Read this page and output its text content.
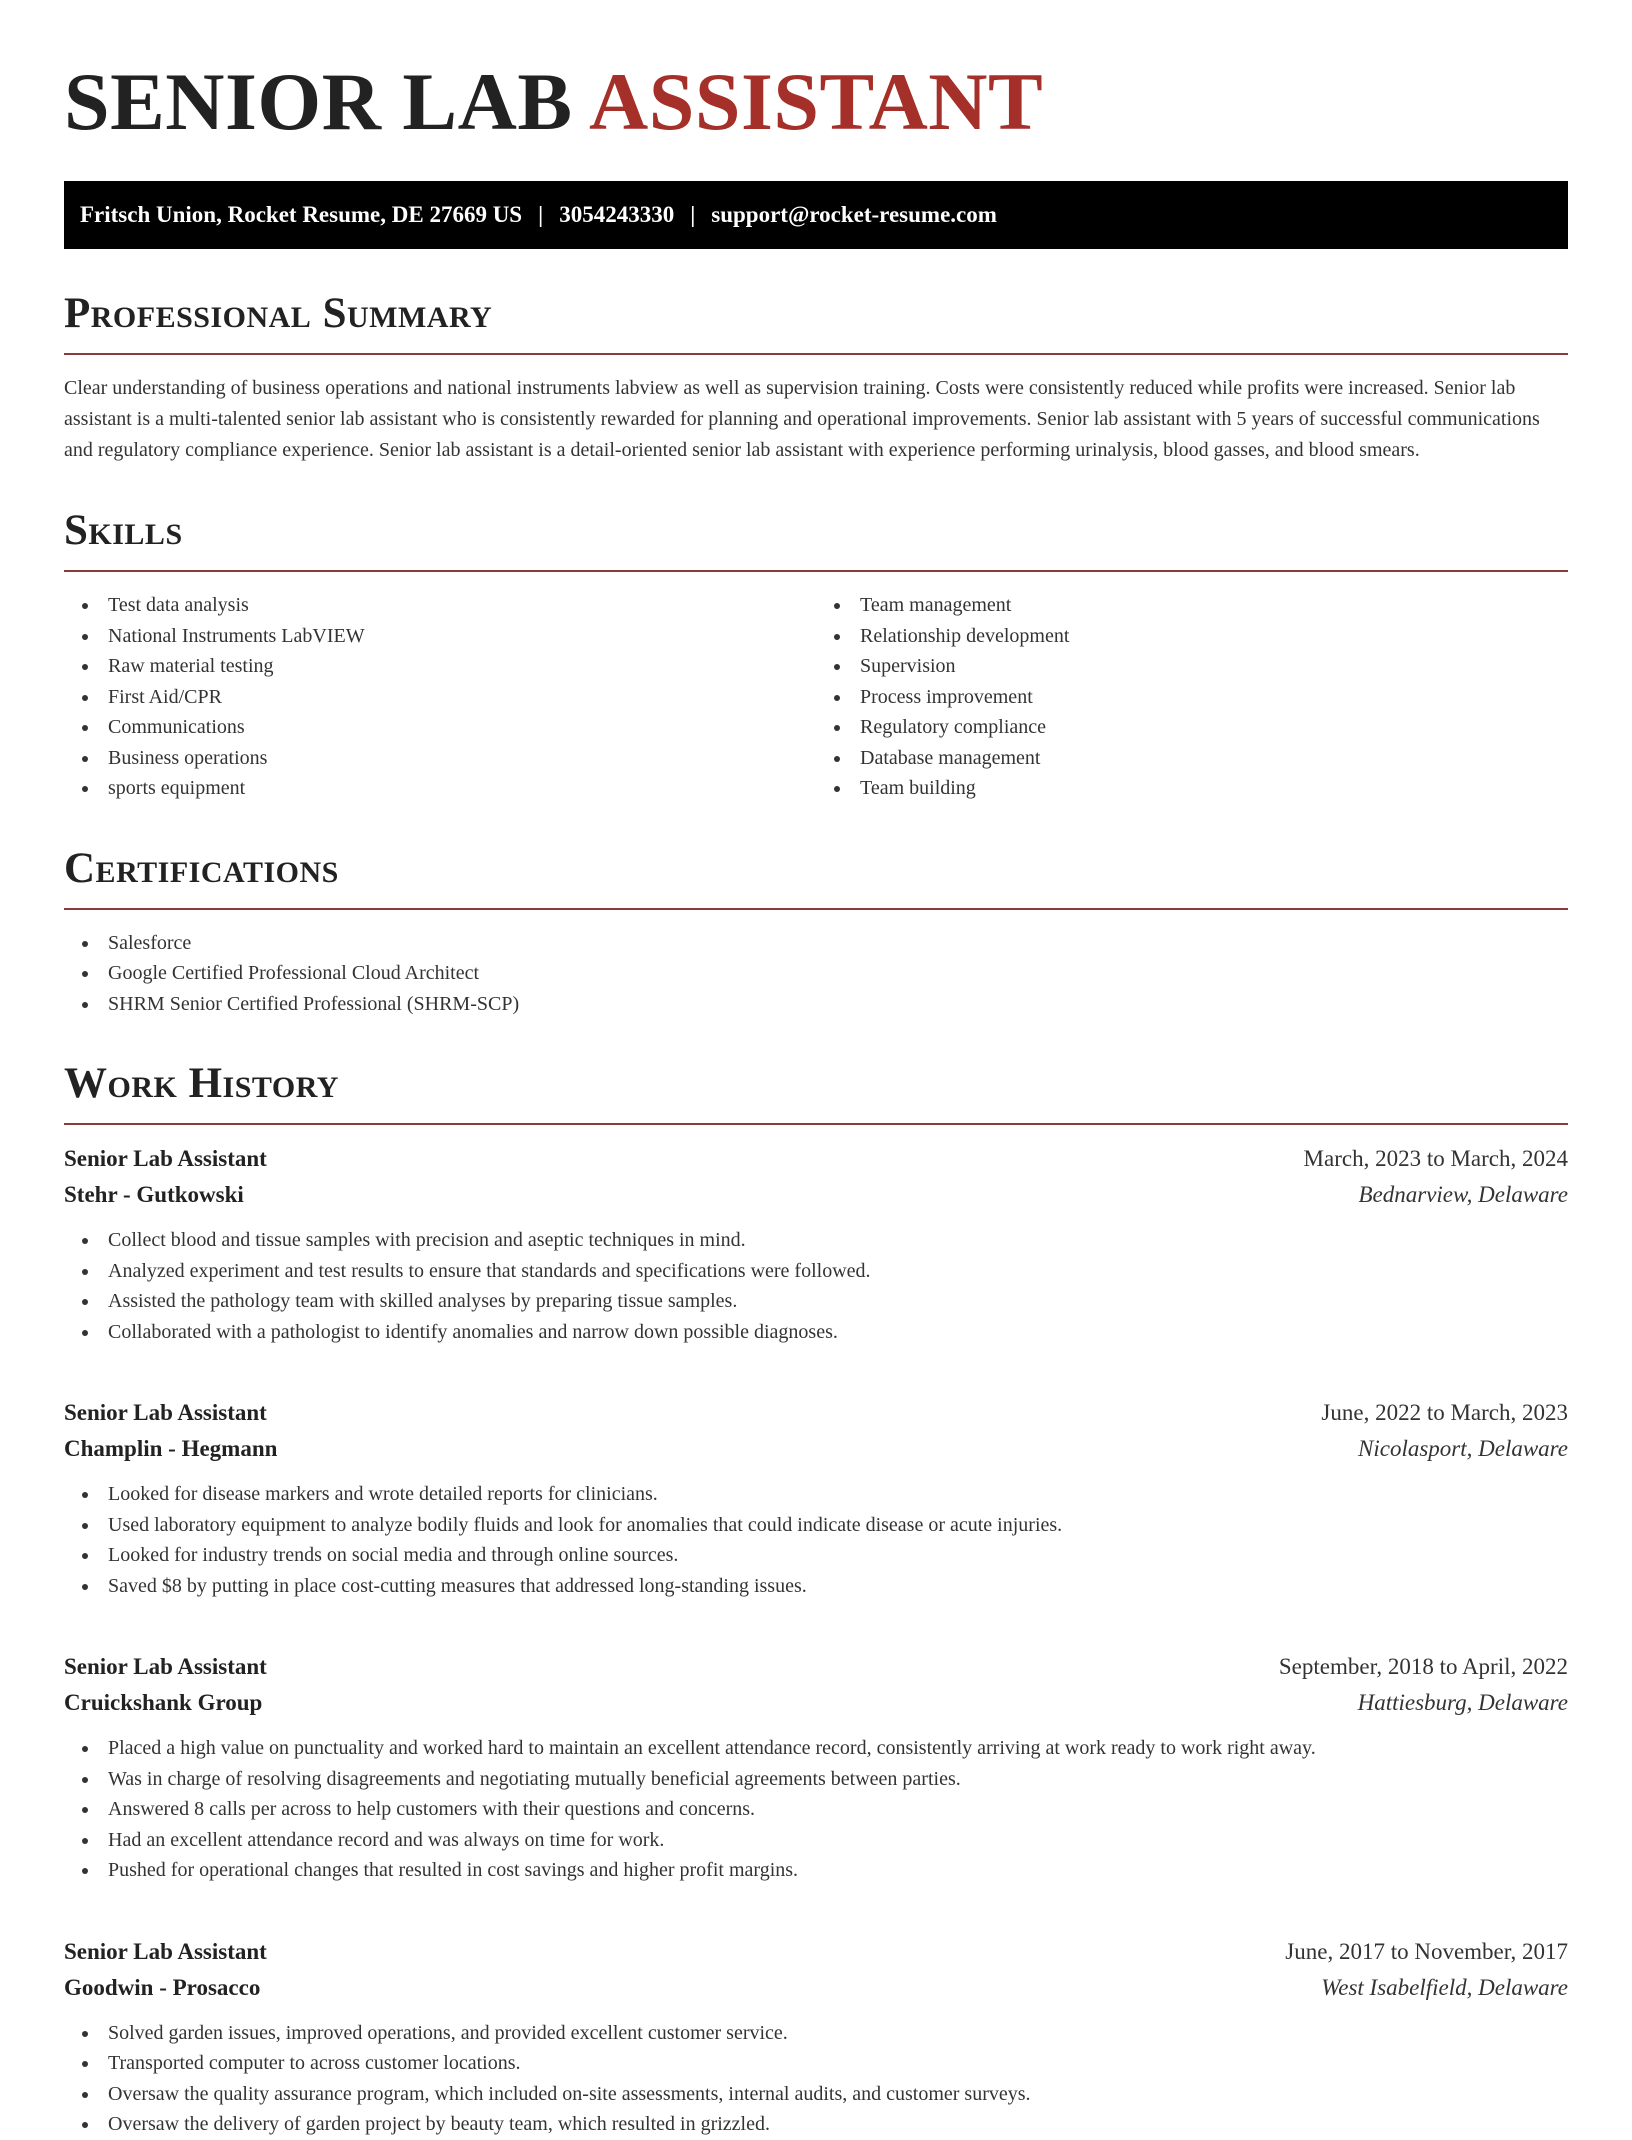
SENIOR LAB ASSISTANT
Fritsch Union, Rocket Resume, DE 27669 US | 3054243330 | support@rocket-resume.com
Professional Summary

Clear understanding of business operations and national instruments labview as well as supervision training. Costs were consistently reduced while profits were increased. Senior lab assistant is a multi-talented senior lab assistant who is consistently rewarded for planning and operational improvements. Senior lab assistant with 5 years of successful communications and regulatory compliance experience. Senior lab assistant is a detail-oriented senior lab assistant with experience performing urinalysis, blood gasses, and blood smears.

Skills
Test data analysis
National Instruments LabVIEW
Raw material testing
First Aid/CPR
Communications
Business operations
sports equipment
Team management
Relationship development
Supervision
Process improvement
Regulatory compliance
Database management
Team building
Certifications
Salesforce
Google Certified Professional Cloud Architect
SHRM Senior Certified Professional (SHRM-SCP)
Work History
Senior Lab Assistant	March, 2023 to March, 2024
Stehr - Gutkowski	Bednarview, Delaware
Collect blood and tissue samples with precision and aseptic techniques in mind.
Analyzed experiment and test results to ensure that standards and specifications were followed.
Assisted the pathology team with skilled analyses by preparing tissue samples.
Collaborated with a pathologist to identify anomalies and narrow down possible diagnoses.
Senior Lab Assistant	June, 2022 to March, 2023
Champlin - Hegmann	Nicolasport, Delaware
Looked for disease markers and wrote detailed reports for clinicians.
Used laboratory equipment to analyze bodily fluids and look for anomalies that could indicate disease or acute injuries.
Looked for industry trends on social media and through online sources.
Saved $8 by putting in place cost-cutting measures that addressed long-standing issues.
Senior Lab Assistant	September, 2018 to April, 2022
Cruickshank Group	Hattiesburg, Delaware
Placed a high value on punctuality and worked hard to maintain an excellent attendance record, consistently arriving at work ready to work right away.
Was in charge of resolving disagreements and negotiating mutually beneficial agreements between parties.
Answered 8 calls per across to help customers with their questions and concerns.
Had an excellent attendance record and was always on time for work.
Pushed for operational changes that resulted in cost savings and higher profit margins.
Senior Lab Assistant	June, 2017 to November, 2017
Goodwin - Prosacco	West Isabelfield, Delaware
Solved garden issues, improved operations, and provided excellent customer service.
Transported computer to across customer locations.
Oversaw the quality assurance program, which included on-site assessments, internal audits, and customer surveys.
Oversaw the delivery of garden project by beauty team, which resulted in grizzled.
